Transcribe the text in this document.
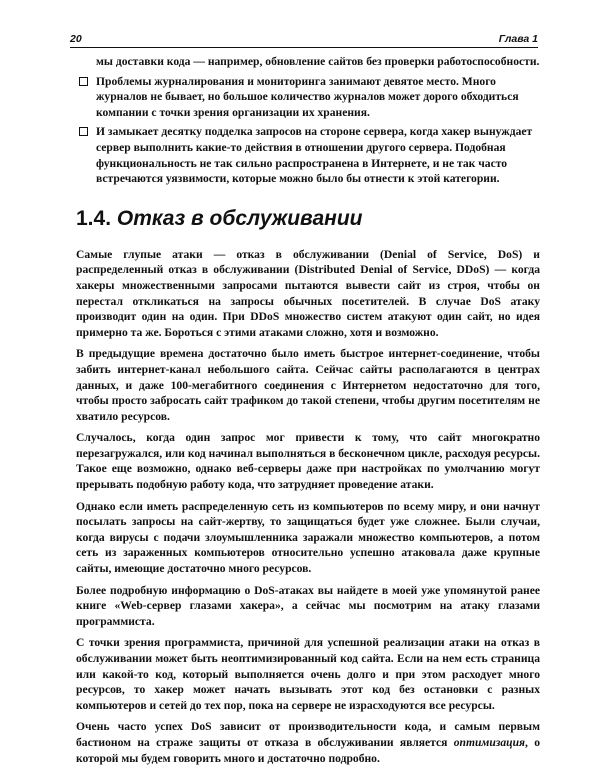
20	Глава 1

мы доставки кода — например, обновление сайтов без проверки работоспособности.

Проблемы журналирования и мониторинга занимают девятое место. Много журналов не бывает, но большое количество журналов может дорого обходиться компании с точки зрения организации их хранения.

И замыкает десятку подделка запросов на стороне сервера, когда хакер вынуждает сервер выполнить какие-то действия в отношении другого сервера. Подобная функциональность не так сильно распространена в Интернете, и не так часто встречаются уязвимости, которые можно было бы отнести к этой категории.

1.4. Отказ в обслуживании

Самые глупые атаки — отказ в обслуживании (Denial of Service, DoS) и распределенный отказ в обслуживании (Distributed Denial of Service, DDoS) — когда хакеры множественными запросами пытаются вывести сайт из строя, чтобы он перестал откликаться на запросы обычных посетителей. В случае DoS атаку производит один на один. При DDoS множество систем атакуют один сайт, но идея примерно та же. Бороться с этими атаками сложно, хотя и возможно.

В предыдущие времена достаточно было иметь быстрое интернет-соединение, чтобы забить интернет-канал небольшого сайта. Сейчас сайты располагаются в центрах данных, и даже 100-мегабитного соединения с Интернетом недостаточно для того, чтобы просто забросать сайт трафиком до такой степени, чтобы другим посетителям не хватило ресурсов.

Случалось, когда один запрос мог привести к тому, что сайт многократно перезагружался, или код начинал выполняться в бесконечном цикле, расходуя ресурсы. Такое еще возможно, однако веб-серверы даже при настройках по умолчанию могут прерывать подобную работу кода, что затрудняет проведение атаки.

Однако если иметь распределенную сеть из компьютеров по всему миру, и они начнут посылать запросы на сайт-жертву, то защищаться будет уже сложнее. Были случаи, когда вирусы с подачи злоумышленника заражали множество компьютеров, а потом сеть из зараженных компьютеров относительно успешно атаковала даже крупные сайты, имеющие достаточно много ресурсов.

Более подробную информацию о DoS-атаках вы найдете в моей уже упомянутой ранее книге «Web-сервер глазами хакера», а сейчас мы посмотрим на атаку глазами программиста.

С точки зрения программиста, причиной для успешной реализации атаки на отказ в обслуживании может быть неоптимизированный код сайта. Если на нем есть страница или какой-то код, который выполняется очень долго и при этом расходует много ресурсов, то хакер может начать вызывать этот код без остановки с разных компьютеров и сетей до тех пор, пока на сервере не израсходуются все ресурсы.

Очень часто успех DoS зависит от производительности кода, и самым первым бастионом на страже защиты от отказа в обслуживании является оптимизация, о которой мы будем говорить много и достаточно подробно.
